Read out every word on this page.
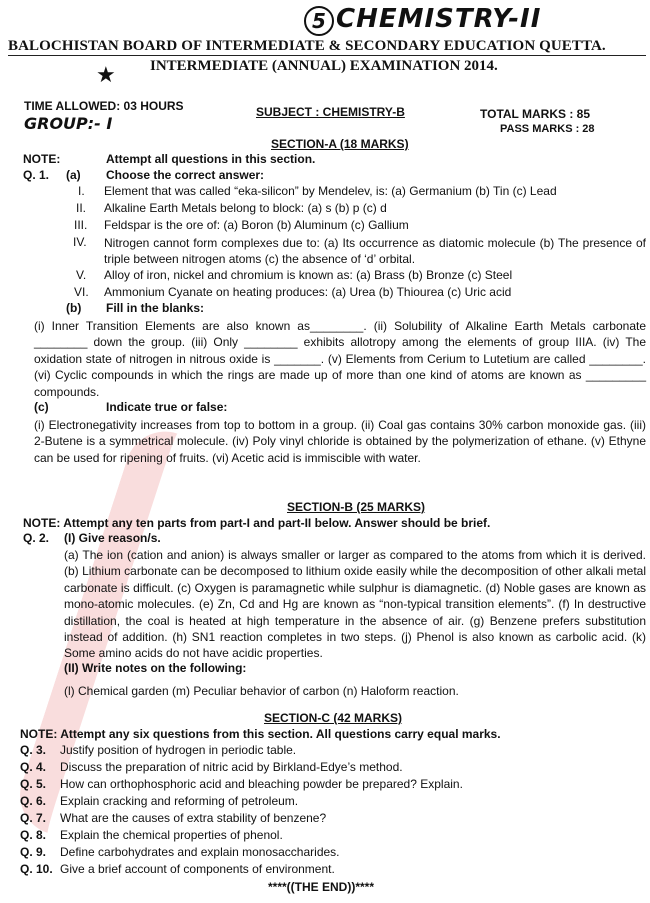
5 CHEMISTRY-II
BALOCHISTAN BOARD OF INTERMEDIATE & SECONDARY EDUCATION QUETTA.
★ INTERMEDIATE (ANNUAL) EXAMINATION 2014.
TIME ALLOWED: 03 HOURS	SUBJECT : CHEMISTRY-B	TOTAL MARKS : 85
PASS MARKS : 28
GROUP:- I
SECTION-A (18 MARKS)
NOTE:	Attempt all questions in this section.
Q. 1. (a) Choose the correct answer:
I. Element that was called “eka-silicon” by Mendelev, is: (a) Germanium (b) Tin (c) Lead
II. Alkaline Earth Metals belong to block: (a) s (b) p (c) d
III. Feldspar is the ore of: (a) Boron (b) Aluminum (c) Gallium
IV. Nitrogen cannot form complexes due to: (a) Its occurrence as diatomic molecule (b) The presence of triple between nitrogen atoms (c) the absence of ‘d’ orbital.
V. Alloy of iron, nickel and chromium is known as: (a) Brass (b) Bronze (c) Steel
VI. Ammonium Cyanate on heating produces: (a) Urea (b) Thiourea (c) Uric acid
(b) Fill in the blanks:
(i) Inner Transition Elements are also known as________. (ii) Solubility of Alkaline Earth Metals carbonate ________ down the group. (iii) Only ________ exhibits allotropy among the elements of group IIIA. (iv) The oxidation state of nitrogen in nitrous oxide is _______. (v) Elements from Cerium to Lutetium are called ________. (vi) Cyclic compounds in which the rings are made up of more than one kind of atoms are known as _________ compounds.
(c)	Indicate true or false:
(i) Electronegativity increases from top to bottom in a group. (ii) Coal gas contains 30% carbon monoxide gas. (iii) 2-Butene is a symmetrical molecule. (iv) Poly vinyl chloride is obtained by the polymerization of ethane. (v) Ethyne can be used for ripening of fruits. (vi) Acetic acid is immiscible with water.
SECTION-B (25 MARKS)
NOTE: Attempt any ten parts from part-I and part-II below. Answer should be brief.
Q. 2. (I) Give reason/s.
(a) The ion (cation and anion) is always smaller or larger as compared to the atoms from which it is derived. (b) Lithium carbonate can be decomposed to lithium oxide easily while the decomposition of other alkali metal carbonate is difficult. (c) Oxygen is paramagnetic while sulphur is diamagnetic. (d) Noble gases are known as mono-atomic molecules. (e) Zn, Cd and Hg are known as “non-typical transition elements”. (f) In destructive distillation, the coal is heated at high temperature in the absence of air. (g) Benzene prefers substitution instead of addition. (h) SN1 reaction completes in two steps. (j) Phenol is also known as carbolic acid. (k) Some amino acids do not have acidic properties.
(II) Write notes on the following:
(l) Chemical garden (m) Peculiar behavior of carbon (n) Haloform reaction.
SECTION-C (42 MARKS)
NOTE: Attempt any six questions from this section. All questions carry equal marks.
Q. 3. Justify position of hydrogen in periodic table.
Q. 4. Discuss the preparation of nitric acid by Birkland-Edye’s method.
Q. 5. How can orthophosphoric acid and bleaching powder be prepared? Explain.
Q. 6. Explain cracking and reforming of petroleum.
Q. 7. What are the causes of extra stability of benzene?
Q. 8. Explain the chemical properties of phenol.
Q. 9. Define carbohydrates and explain monosaccharides.
Q. 10. Give a brief account of components of environment.
****((THE END))****
